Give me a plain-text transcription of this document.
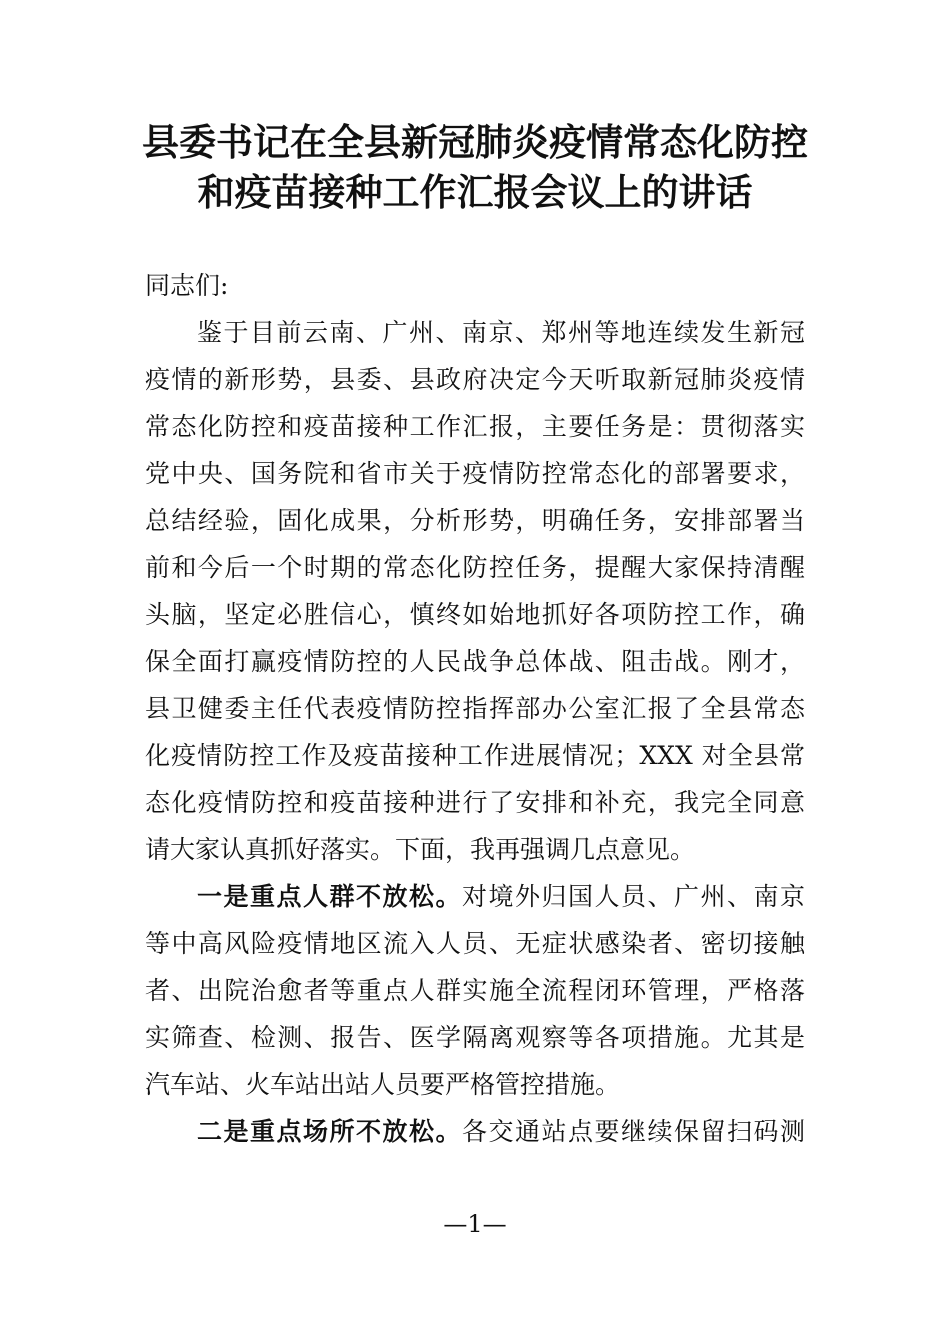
县委书记在全县新冠肺炎疫情常态化防控
和疫苗接种工作汇报会议上的讲话
同志们:
鉴于目前云南、广州、南京、郑州等地连续发生新冠
疫情的新形势，县委、县政府决定今天听取新冠肺炎疫情
常态化防控和疫苗接种工作汇报，主要任务是：贯彻落实
党中央、国务院和省市关于疫情防控常态化的部署要求，
总结经验，固化成果，分析形势，明确任务，安排部署当
前和今后一个时期的常态化防控任务，提醒大家保持清醒
头脑，坚定必胜信心，慎终如始地抓好各项防控工作，确
保全面打赢疫情防控的人民战争总体战、阻击战。刚才，
县卫健委主任代表疫情防控指挥部办公室汇报了全县常态
化疫情防控工作及疫苗接种工作进展情况；XXX 对全县常
态化疫情防控和疫苗接种进行了安排和补充，我完全同意
请大家认真抓好落实。下面，我再强调几点意见。
一是重点人群不放松。对境外归国人员、广州、南京
等中高风险疫情地区流入人员、无症状感染者、密切接触
者、出院治愈者等重点人群实施全流程闭环管理，严格落
实筛查、检测、报告、医学隔离观察等各项措施。尤其是
汽车站、火车站出站人员要严格管控措施。
二是重点场所不放松。各交通站点要继续保留扫码测
—1—
